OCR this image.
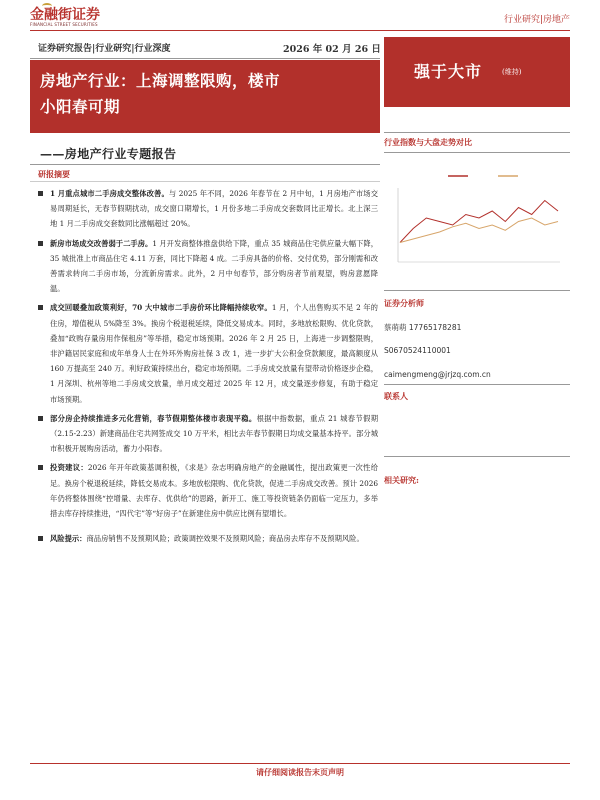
金融街证券
FINANCIAL STREET SECURITIES	行业研究|房地产
证券研究报告|行业研究|行业深度	2026 年 02 月 26 日
房地产行业：上海调整限购，楼市
小阳春可期
——房地产行业专题报告
研报摘要
强于大市	(维持)
行业指数与大盘走势对比
证券分析师
蔡萌萌 17765178281
S0670524110001
caimengmeng@jrjzq.com.cn
联系人
相关研究:
1 月重点城市二手房成交整体改善。与 2025 年不同，2026 年春节在 2 月中旬，1 月房地产市场交易周期延长，无春节假期扰动，成交窗口期增长，1 月份多地二手房成交套数同比正增长。北上深三地 1 月二手房成交套数同比涨幅超过 20%。
新房市场成交改善弱于二手房。1 月开发商整体推盘供给下降，重点 35 城商品住宅供应量大幅下降，35 城批准上市商品住宅 4.11 万套，同比下降超 4 成。二手房具备的价格、交付优势，部分刚需和改善需求转向二手房市场，分流新房需求。此外，2 月中旬春节，部分购房者节前观望，购房意愿降温。
成交回暖叠加政策利好，70 大中城市二手房价环比降幅持续收窄。1 月，个人出售购买不足 2 年的住房，增值税从 5%降至 3%。换房个税退税延续，降低交易成本。同时，多地放松限购、优化贷款，叠加“政购存量房用作保租房”等举措，稳定市场预期。2026 年 2 月 25 日，上海进一步调整限购，非沪籍居民家庭和成年单身人士在外环外购房社保 3 改 1，进一步扩大公积金贷款额度，最高额度从 160 万提高至 240 万。利好政策持续出台，稳定市场预期。二手房成交放量有望带动价格逐步企稳，1 月深圳、杭州等地二手房成交放量，单月成交超过 2025 年 12 月，成交量逐步修复，有助于稳定市场预期。
部分房企持续推进多元化营销，春节假期整体楼市表现平稳。根据中指数据，重点 21 城春节假期（2.15-2.23）新建商品住宅共网签成交 10 万平米，相比去年春节假期日均成交量基本持平。部分城市积极开展购房活动，蓄力小阳春。
投资建议：2026 年开年政策基调积极，《求是》杂志明确房地产的金融属性，提出政策更一次性给足。换房个税退税延续，降低交易成本。多地放松限购、优化贷款，促进二手房成交改善。预计 2026 年仍将整体围绕“控增量、去库存、优供给”的思路，新开工、施工等投资链条仍面临一定压力，多举措去库存持续推进，“四代宅”等“好房子”在新建住房中供应比例有望增长。
风险提示：商品房销售不及预期风险；政策调控效果不及预期风险；商品房去库存不及预期风险。
请仔细阅读报告末页声明
